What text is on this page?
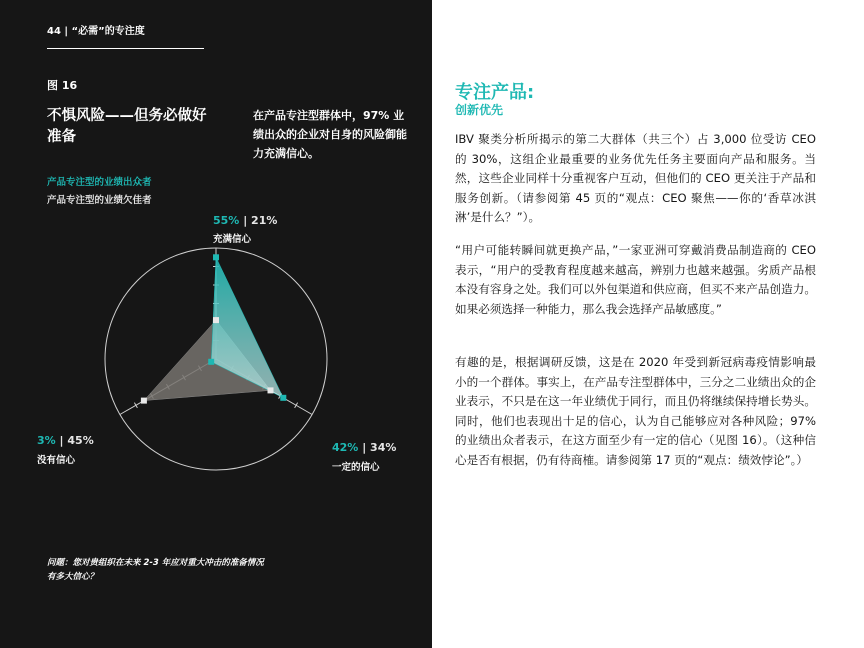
44 | “必需”的专注度
图 16
不惧风险——但务必做好准备
在产品专注型群体中，97% 业绩出众的企业对自身的风险御能力充满信心。
产品专注型的业绩出众者
产品专注型的业绩欠佳者
55% | 21%
充满信心
42% | 34%
一定的信心
3% | 45%
没有信心
问题：您对贵组织在未来 2-3 年应对重大冲击的准备情况有多大信心？
专注产品:
创新优先
IBV 聚类分析所揭示的第二大群体（共三个）占 3,000 位受访 CEO 的 30%，这组企业最重要的业务优先任务主要面向产品和服务。当然，这些企业同样十分重视客户互动，但他们的 CEO 更关注于产品和服务创新。（请参阅第 45 页的“观点：CEO 聚焦——你的‘香草冰淇淋’是什么？”）。
“用户可能转瞬间就更换产品，”一家亚洲可穿戴消费品制造商的 CEO 表示，“用户的受教育程度越来越高，辨别力也越来越强。劣质产品根本没有容身之处。我们可以外包渠道和供应商，但买不来产品创造力。如果必须选择一种能力，那么我会选择产品敏感度。”
有趣的是，根据调研反馈，这是在 2020 年受到新冠病毒疫情影响最小的一个群体。事实上，在产品专注型群体中，三分之二业绩出众的企业表示，不只是在这一年业绩优于同行，而且仍将继续保持增长势头。同时，他们也表现出十足的信心，认为自己能够应对各种风险；97% 的业绩出众者表示，在这方面至少有一定的信心（见图 16）。（这种信心是否有根据，仍有待商榷。请参阅第 17 页的“观点：绩效悖论”。）
